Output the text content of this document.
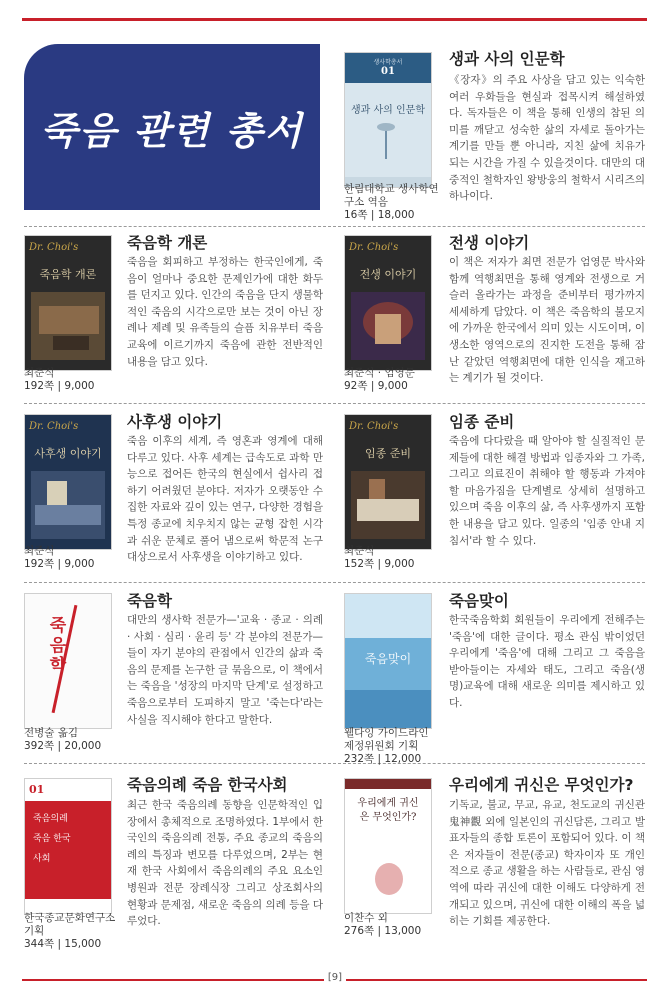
죽음 관련 총서
생사학총서
01
생과 사의 인문학
한림대학교 생사학연구소 역음
16쪽 | 18,000
생과 사의 인문학
《장자》의 주요 사상을 담고 있는 익숙한 여러 우화들을 현실과 접목시켜 해설하였다. 독자들은 이 책을 통해 인생의 참된 의미를 깨닫고 성숙한 삶의 자세로 돌아가는 계기를 만들 뿐 아니라, 지친 삶에 치유가 되는 시간을 가질 수 있을것이다. 대만의 대중적인 철학자인 왕방웅의 철학서 시리즈의 하나이다.
Dr. Choi's
죽음학 개론
최준식
192쪽 | 9,000
죽음학 개론
죽음을 회피하고 부정하는 한국인에게, 죽음이 얼마나 중요한 문제인가에 대한 화두를 던지고 있다. 인간의 죽음을 단지 생물학적인 죽음의 시각으로만 보는 것이 아닌 장례나 제례 및 유족들의 슬픔 치유부터 죽음교육에 이르기까지 죽음에 관한 전반적인 내용을 담고 있다.
Dr. Choi's
전생 이야기
최준식 · 엄영문
92쪽 | 9,000
전생 이야기
이 책은 저자가 최면 전문가 엄영문 박사와 함께 역행최면을 통해 영계와 전생으로 거슬러 올라가는 과정을 준비부터 평가까지 세세하게 담았다. 이 책은 죽음학의 불모지에 가까운 한국에서 의미 있는 시도이며, 이 생소한 영역으로의 진지한 도전을 통해 잠난 같았던 역행최면에 대한 인식을 재고하는 계기가 될 것이다.
Dr. Choi's
사후생 이야기
최준식
192쪽 | 9,000
사후생 이야기
죽음 이후의 세계, 즉 영혼과 영계에 대해 다루고 있다. 사후 세계는 급속도로 과학 만능으로 접어든 한국의 현실에서 쉽사리 접하기 어려웠던 분야다. 저자가 오랫동안 수집한 자료와 깊이 있는 연구, 다양한 경험을 특정 종교에 치우치지 않는 균형 잡힌 시각과 쉬운 문체로 풀어 냄으로써 학문적 논구 대상으로서 사후생을 이야기하고 있다.
Dr. Choi's
임종 준비
최준식
152쪽 | 9,000
임종 준비
죽음에 다다랐을 때 알아야 할 실질적인 문제들에 대한 해결 방법과 임종자와 그 가족, 그리고 의료진이 취해야 할 행동과 가져야 할 마음가짐을 단계별로 상세히 설명하고 있으며 죽음 이후의 삶, 즉 사후생까지 포함한 내용을 담고 있다. 일종의 '임종 안내 지침서'라 할 수 있다.
죽음학
전병술 옮김
392쪽 | 20,000
죽음학
대만의 생사학 전문가—'교육 · 종교 · 의례 · 사회 · 심리 · 윤리 등' 각 분야의 전문가—들이 자기 분야의 관점에서 인간의 삶과 죽음의 문제를 논구한 글 묶음으로, 이 책에서는 죽음을 '성장의 마지막 단계'로 설정하고 죽음으로부터 도피하지 말고 '죽는다'라는 사실을 직시해야 한다고 말한다.
죽음맞이
웰다잉 가이드라인 제정위원회 기획
232쪽 | 12,000
죽음맞이
한국죽음학회 회원들이 우리에게 전해주는 '죽음'에 대한 글이다. 평소 관심 밖이었던 우리에게 '죽음'에 대해 그리고 그 죽음을 받아들이는 자세와 태도, 그리고 죽음(생명)교육에 대해 새로운 의미를 제시하고 있다.
01
죽음의례 죽음 한국사회
한국종교문화연구소 기획
344쪽 | 15,000
죽음의례 죽음 한국사회
최근 한국 죽음의례 동향을 인문학적인 입장에서 총체적으로 조명하였다. 1부에서 한국인의 죽음의례 전통, 주요 종교의 죽음의례의 특징과 변모를 다루었으며, 2부는 현재 한국 사회에서 죽음의례의 주요 요소인 병원과 전문 장례식장 그리고 상조회사의 현황과 문제점, 새로운 죽음의 의례 등을 다루었다.
우리에게 귀신은 무엇인가?
이찬수 외
276쪽 | 13,000
우리에게 귀신은 무엇인가?
기독교, 불교, 무교, 유교, 천도교의 귀신관 鬼神觀 외에 일본인의 귀신담론, 그리고 발표자들의 종합 토론이 포함되어 있다. 이 책은 저자들이 전문(종교) 학자이자 또 개인적으로 종교 생활을 하는 사람들로, 관심 영역에 따라 귀신에 대한 이해도 다양하게 전개되고 있으며, 귀신에 대한 이해의 폭을 넓히는 기회를 제공한다.
[9]
